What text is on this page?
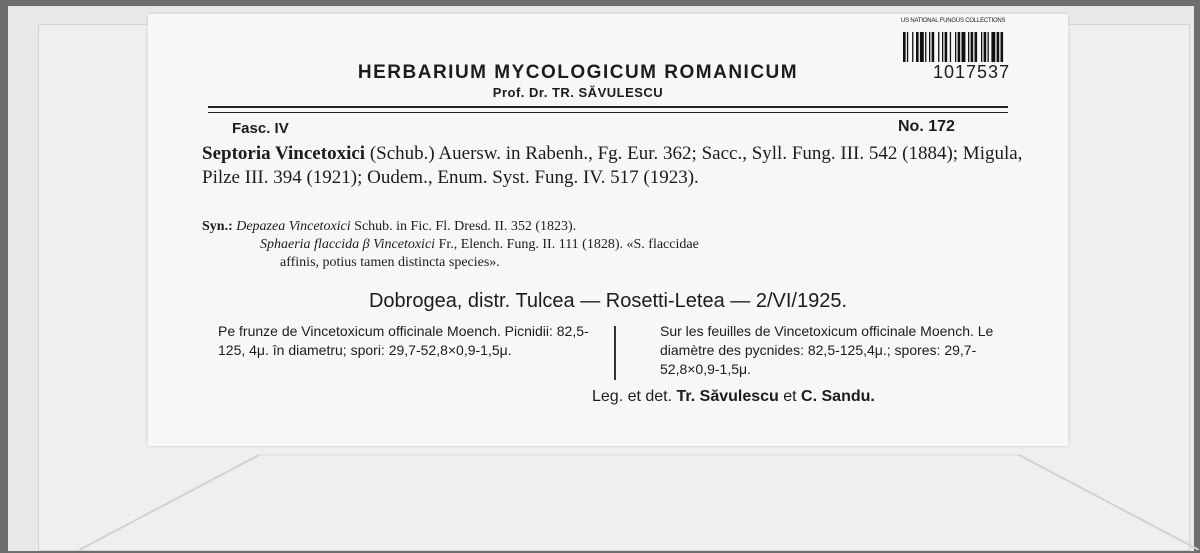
HERBARIUM MYCOLOGICUM ROMANICUM
Prof. Dr. TR. SĂVULESCU
Fasc. IV	No. 172
Septoria Vincetoxici (Schub.) Auersw. in Rabenh., Fg. Eur. 362; Sacc., Syll. Fung. III. 542 (1884); Migula, Pilze III. 394 (1921); Oudem., Enum. Syst. Fung. IV. 517 (1923).
Syn.: Depazea Vincetoxici Schub. in Fic. Fl. Dresd. II. 352 (1823).
Sphaeria flaccida β Vincetoxici Fr., Elench. Fung. II. 111 (1828). «S. flaccidae
affinis, potius tamen distincta species».
Dobrogea, distr. Tulcea — Rosetti-Letea — 2/VI/1925.
Pe frunze de Vincetoxicum officinale Moench. Picnidii: 82,5-125, 4μ. în diametru; spori: 29,7-52,8×0,9-1,5μ.
Sur les feuilles de Vincetoxicum officinale Moench. Le diamètre des pycnides: 82,5-125,4μ.; spores: 29,7-52,8×0,9-1,5μ.
Leg. et det. Tr. Săvulescu et C. Sandu.
US NATIONAL FUNGUS COLLECTIONS
1017537
